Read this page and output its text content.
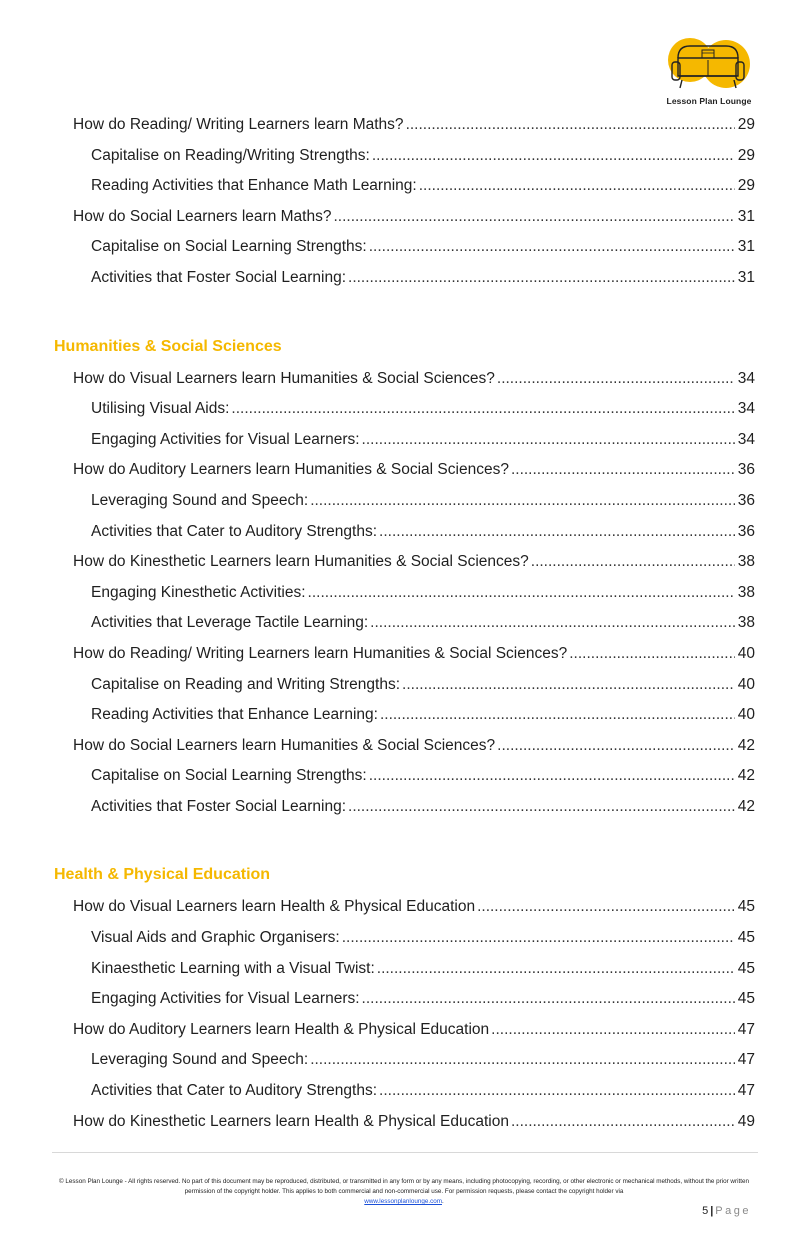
Lesson Plan Lounge
How do Reading/ Writing Learners learn Maths? .....	29
Capitalise on Reading/Writing Strengths: .....	29
Reading Activities that Enhance Math Learning: .....	29
How do Social Learners learn Maths? .....	31
Capitalise on Social Learning Strengths: .....	31
Activities that Foster Social Learning: .....	31
Humanities & Social Sciences
How do Visual Learners learn Humanities & Social Sciences? .....	34
Utilising Visual Aids: .....	34
Engaging Activities for Visual Learners: .....	34
How do Auditory Learners learn Humanities & Social Sciences? .....	36
Leveraging Sound and Speech: .....	36
Activities that Cater to Auditory Strengths: .....	36
How do Kinesthetic Learners learn Humanities & Social Sciences? .....	38
Engaging Kinesthetic Activities: .....	38
Activities that Leverage Tactile Learning: .....	38
How do Reading/ Writing Learners learn Humanities & Social Sciences? .....	40
Capitalise on Reading and Writing Strengths: .....	40
Reading Activities that Enhance Learning: .....	40
How do Social Learners learn Humanities & Social Sciences? .....	42
Capitalise on Social Learning Strengths: .....	42
Activities that Foster Social Learning: .....	42
Health & Physical Education
How do Visual Learners learn Health & Physical Education .....	45
Visual Aids and Graphic Organisers: .....	45
Kinaesthetic Learning with a Visual Twist: .....	45
Engaging Activities for Visual Learners: .....	45
How do Auditory Learners learn Health & Physical Education .....	47
Leveraging Sound and Speech: .....	47
Activities that Cater to Auditory Strengths: .....	47
How do Kinesthetic Learners learn Health & Physical Education .....	49
© Lesson Plan Lounge - All rights reserved. No part of this document may be reproduced, distributed, or transmitted in any form or by any means, including photocopying, recording, or other electronic or mechanical methods, without the prior written permission of the copyright holder. This applies to both commercial and non-commercial use. For permission requests, please contact the copyright holder via
www.lessonplanlounge.com.
5 | Page
